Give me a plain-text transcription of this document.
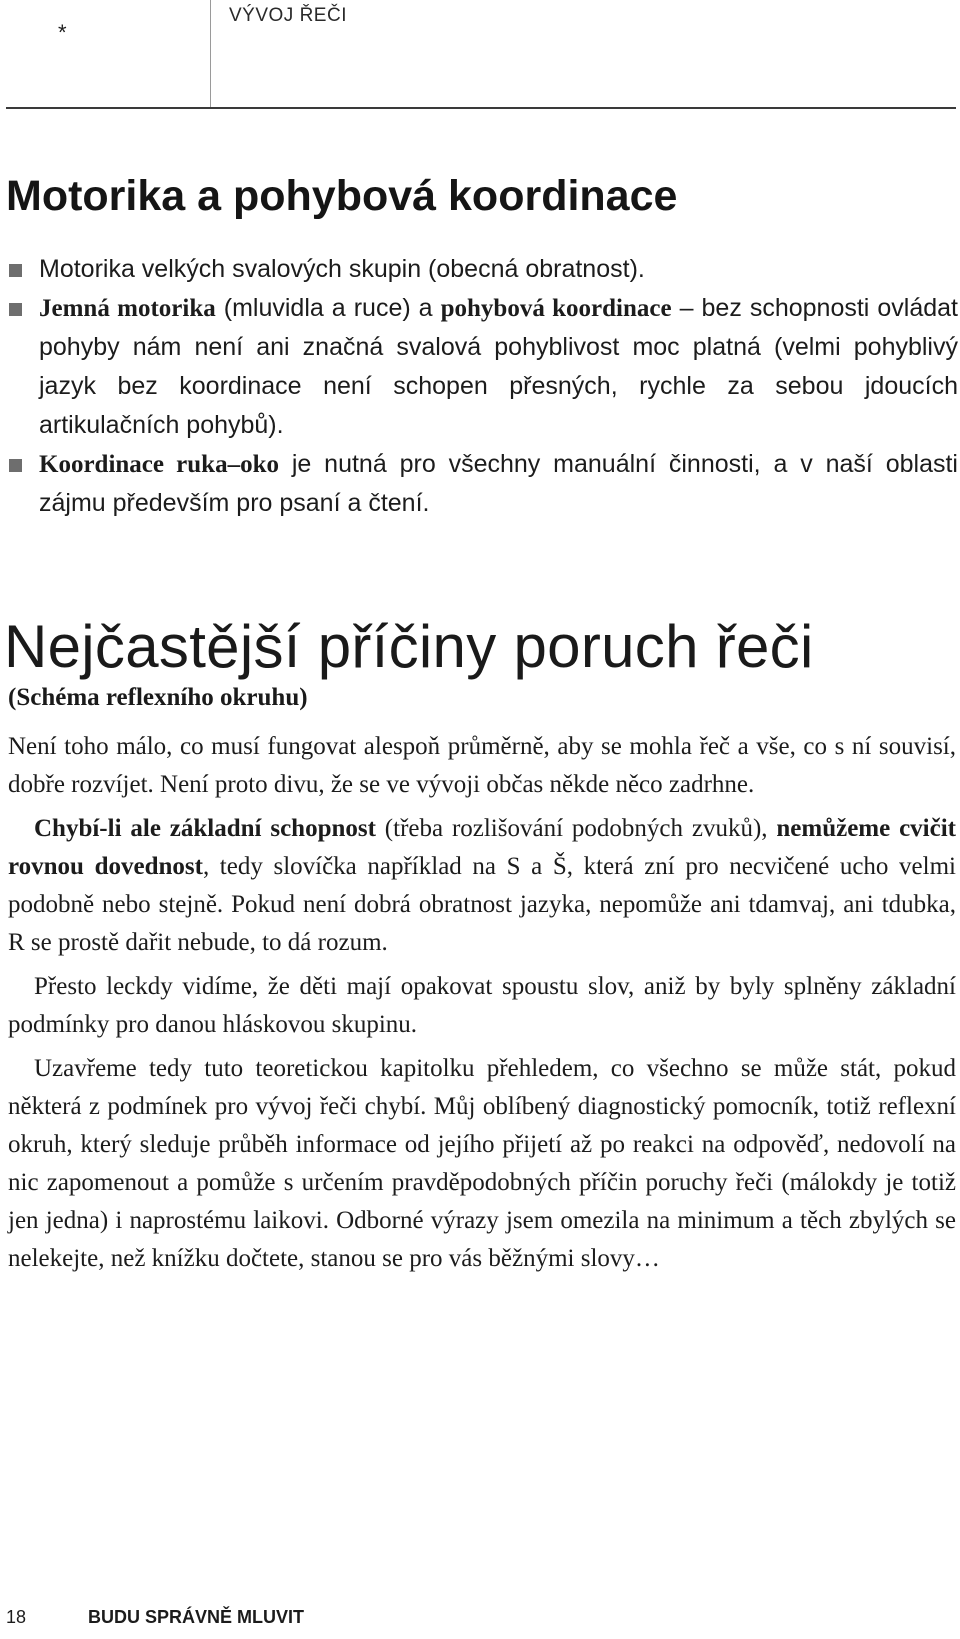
*
VÝVOJ ŘEČI
Motorika a pohybová koordinace
Motorika velkých svalových skupin (obecná obratnost).
Jemná motorika (mluvidla a ruce) a pohybová koordinace – bez schopnosti ovládat pohyby nám není ani značná svalová pohyblivost moc platná (velmi pohyblivý jazyk bez koordinace není schopen přesných, rychle za sebou jdoucích artikulačních pohybů).
Koordinace ruka–oko je nutná pro všechny manuální činnosti, a v naší oblasti zájmu především pro psaní a čtení.
Nejčastější příčiny poruch řeči
(Schéma reflexního okruhu)

Není toho málo, co musí fungovat alespoň průměrně, aby se mohla řeč a vše, co s ní souvisí, dobře rozvíjet. Není proto divu, že se ve vývoji občas někde něco zadrhne.

Chybí-li ale základní schopnost (třeba rozlišování podobných zvuků), nemůžeme cvičit rovnou dovednost, tedy slovíčka například na S a Š, která zní pro necvičené ucho velmi podobně nebo stejně. Pokud není dobrá obratnost jazyka, nepomůže ani tdamvaj, ani tdubka, R se prostě dařit nebude, to dá rozum.

Přesto leckdy vidíme, že děti mají opakovat spoustu slov, aniž by byly splněny základní podmínky pro danou hláskovou skupinu.

Uzavřeme tedy tuto teoretickou kapitolku přehledem, co všechno se může stát, pokud některá z podmínek pro vývoj řeči chybí. Můj oblíbený diagnostický pomocník, totiž reflexní okruh, který sleduje průběh informace od jejího přijetí až po reakci na odpověď, nedovolí na nic zapomenout a pomůže s určením pravděpodobných příčin poruchy řeči (málokdy je totiž jen jedna) i naprostému laikovi. Odborné výrazy jsem omezila na minimum a těch zbylých se nelekejte, než knížku dočtete, stanou se pro vás běžnými slovy…

18	BUDU SPRÁVNĚ MLUVIT
